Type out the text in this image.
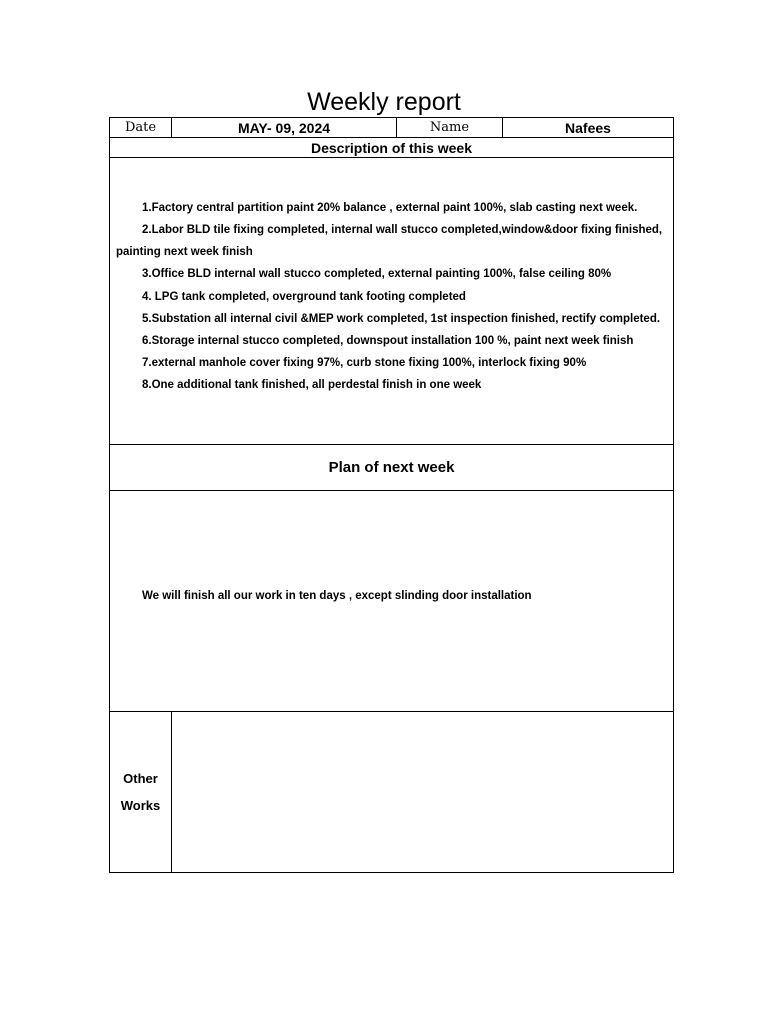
Weekly report
Date	MAY- 09, 2024	Name	Nafees
Description of this week
1.Factory central partition paint 20% balance , external paint 100%, slab casting next week.
2.Labor BLD tile fixing completed, internal wall stucco completed,window&door fixing finished,
painting next week finish
3.Office BLD internal wall stucco completed, external painting 100%, false ceiling 80%
4. LPG tank completed, overground tank footing completed
5.Substation all internal civil &MEP work completed, 1st inspection finished, rectify completed.
6.Storage internal stucco completed, downspout installation 100 %, paint next week finish
7.external manhole cover fixing 97%, curb stone fixing 100%, interlock fixing 90%
8.One additional tank finished, all perdestal finish in one week
Plan of next week
We will finish all our work in ten days , except slinding door installation
Other
Works
